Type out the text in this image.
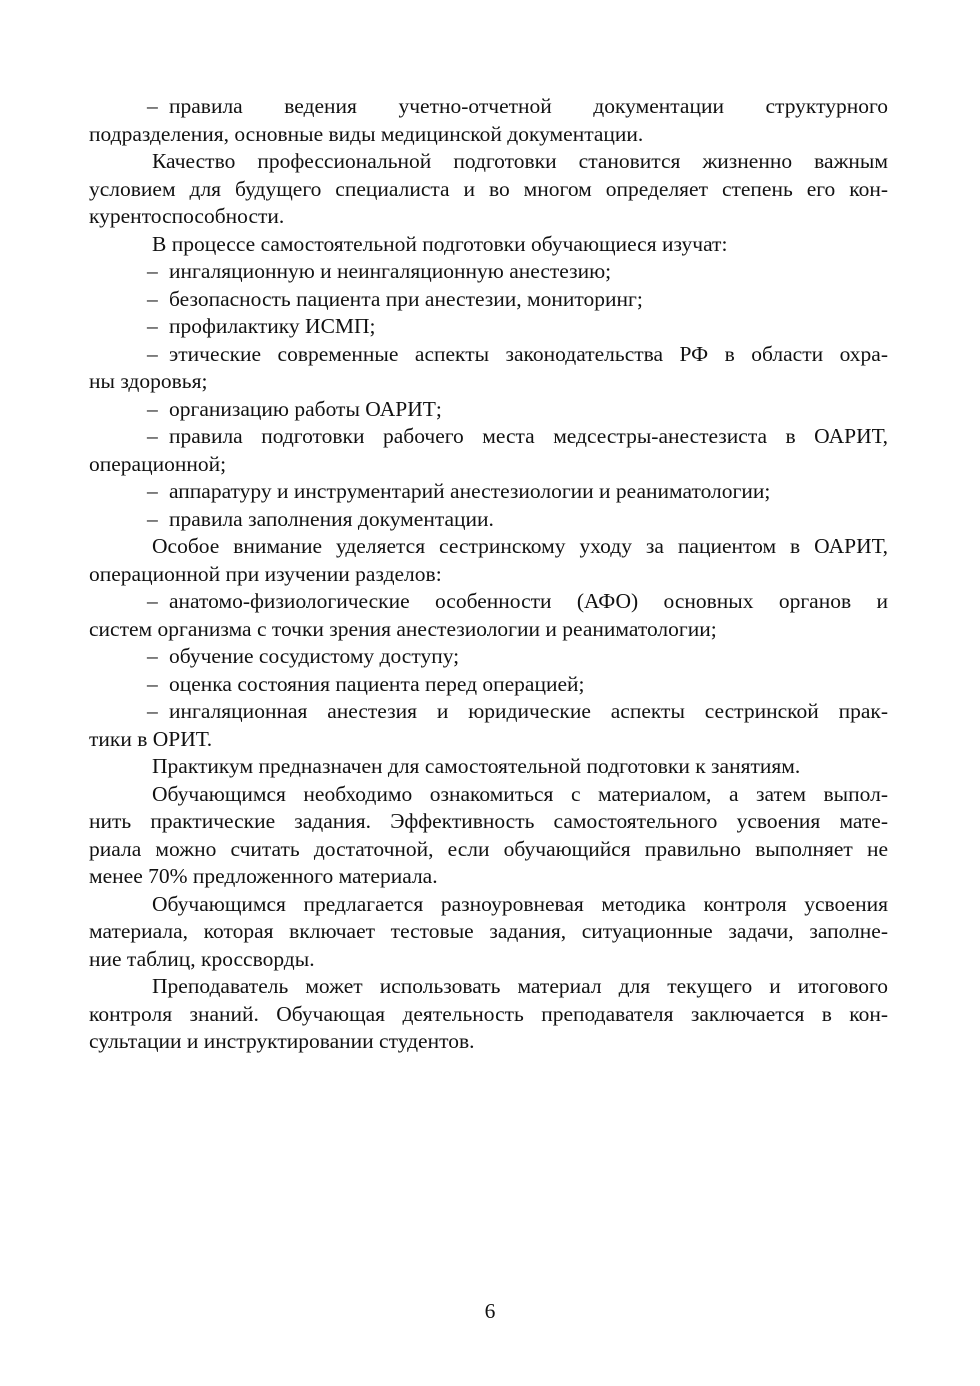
– правила ведения учетно-отчетной документации структурного
подразделения, основные виды медицинской документации.
Качество профессиональной подготовки становится жизненно важным
условием для будущего специалиста и во многом определяет степень его кон-
курентоспособности.
В процессе самостоятельной подготовки обучающиеся изучат:
– ингаляционную и неингаляционную анестезию;
– безопасность пациента при анестезии, мониторинг;
– профилактику ИСМП;
– этические современные аспекты законодательства РФ в области охра-
ны здоровья;
– организацию работы ОАРИТ;
– правила подготовки рабочего места медсестры-анестезиста в ОАРИТ,
операционной;
– аппаратуру и инструментарий анестезиологии и реаниматологии;
– правила заполнения документации.
Особое внимание уделяется сестринскому уходу за пациентом в ОАРИТ,
операционной при изучении разделов:
– анатомо-физиологические особенности (АФО) основных органов и
систем организма с точки зрения анестезиологии и реаниматологии;
– обучение сосудистому доступу;
– оценка состояния пациента перед операцией;
– ингаляционная анестезия и юридические аспекты сестринской прак-
тики в ОРИТ.
Практикум предназначен для самостоятельной подготовки к занятиям.
Обучающимся необходимо ознакомиться с материалом, а затем выпол-
нить практические задания. Эффективность самостоятельного усвоения мате-
риала можно считать достаточной, если обучающийся правильно выполняет не
менее 70% предложенного материала.
Обучающимся предлагается разноуровневая методика контроля усвоения
материала, которая включает тестовые задания, ситуационные задачи, заполне-
ние таблиц, кроссворды.
Преподаватель может использовать материал для текущего и итогового
контроля знаний. Обучающая деятельность преподавателя заключается в кон-
сультации и инструктировании студентов.
6
